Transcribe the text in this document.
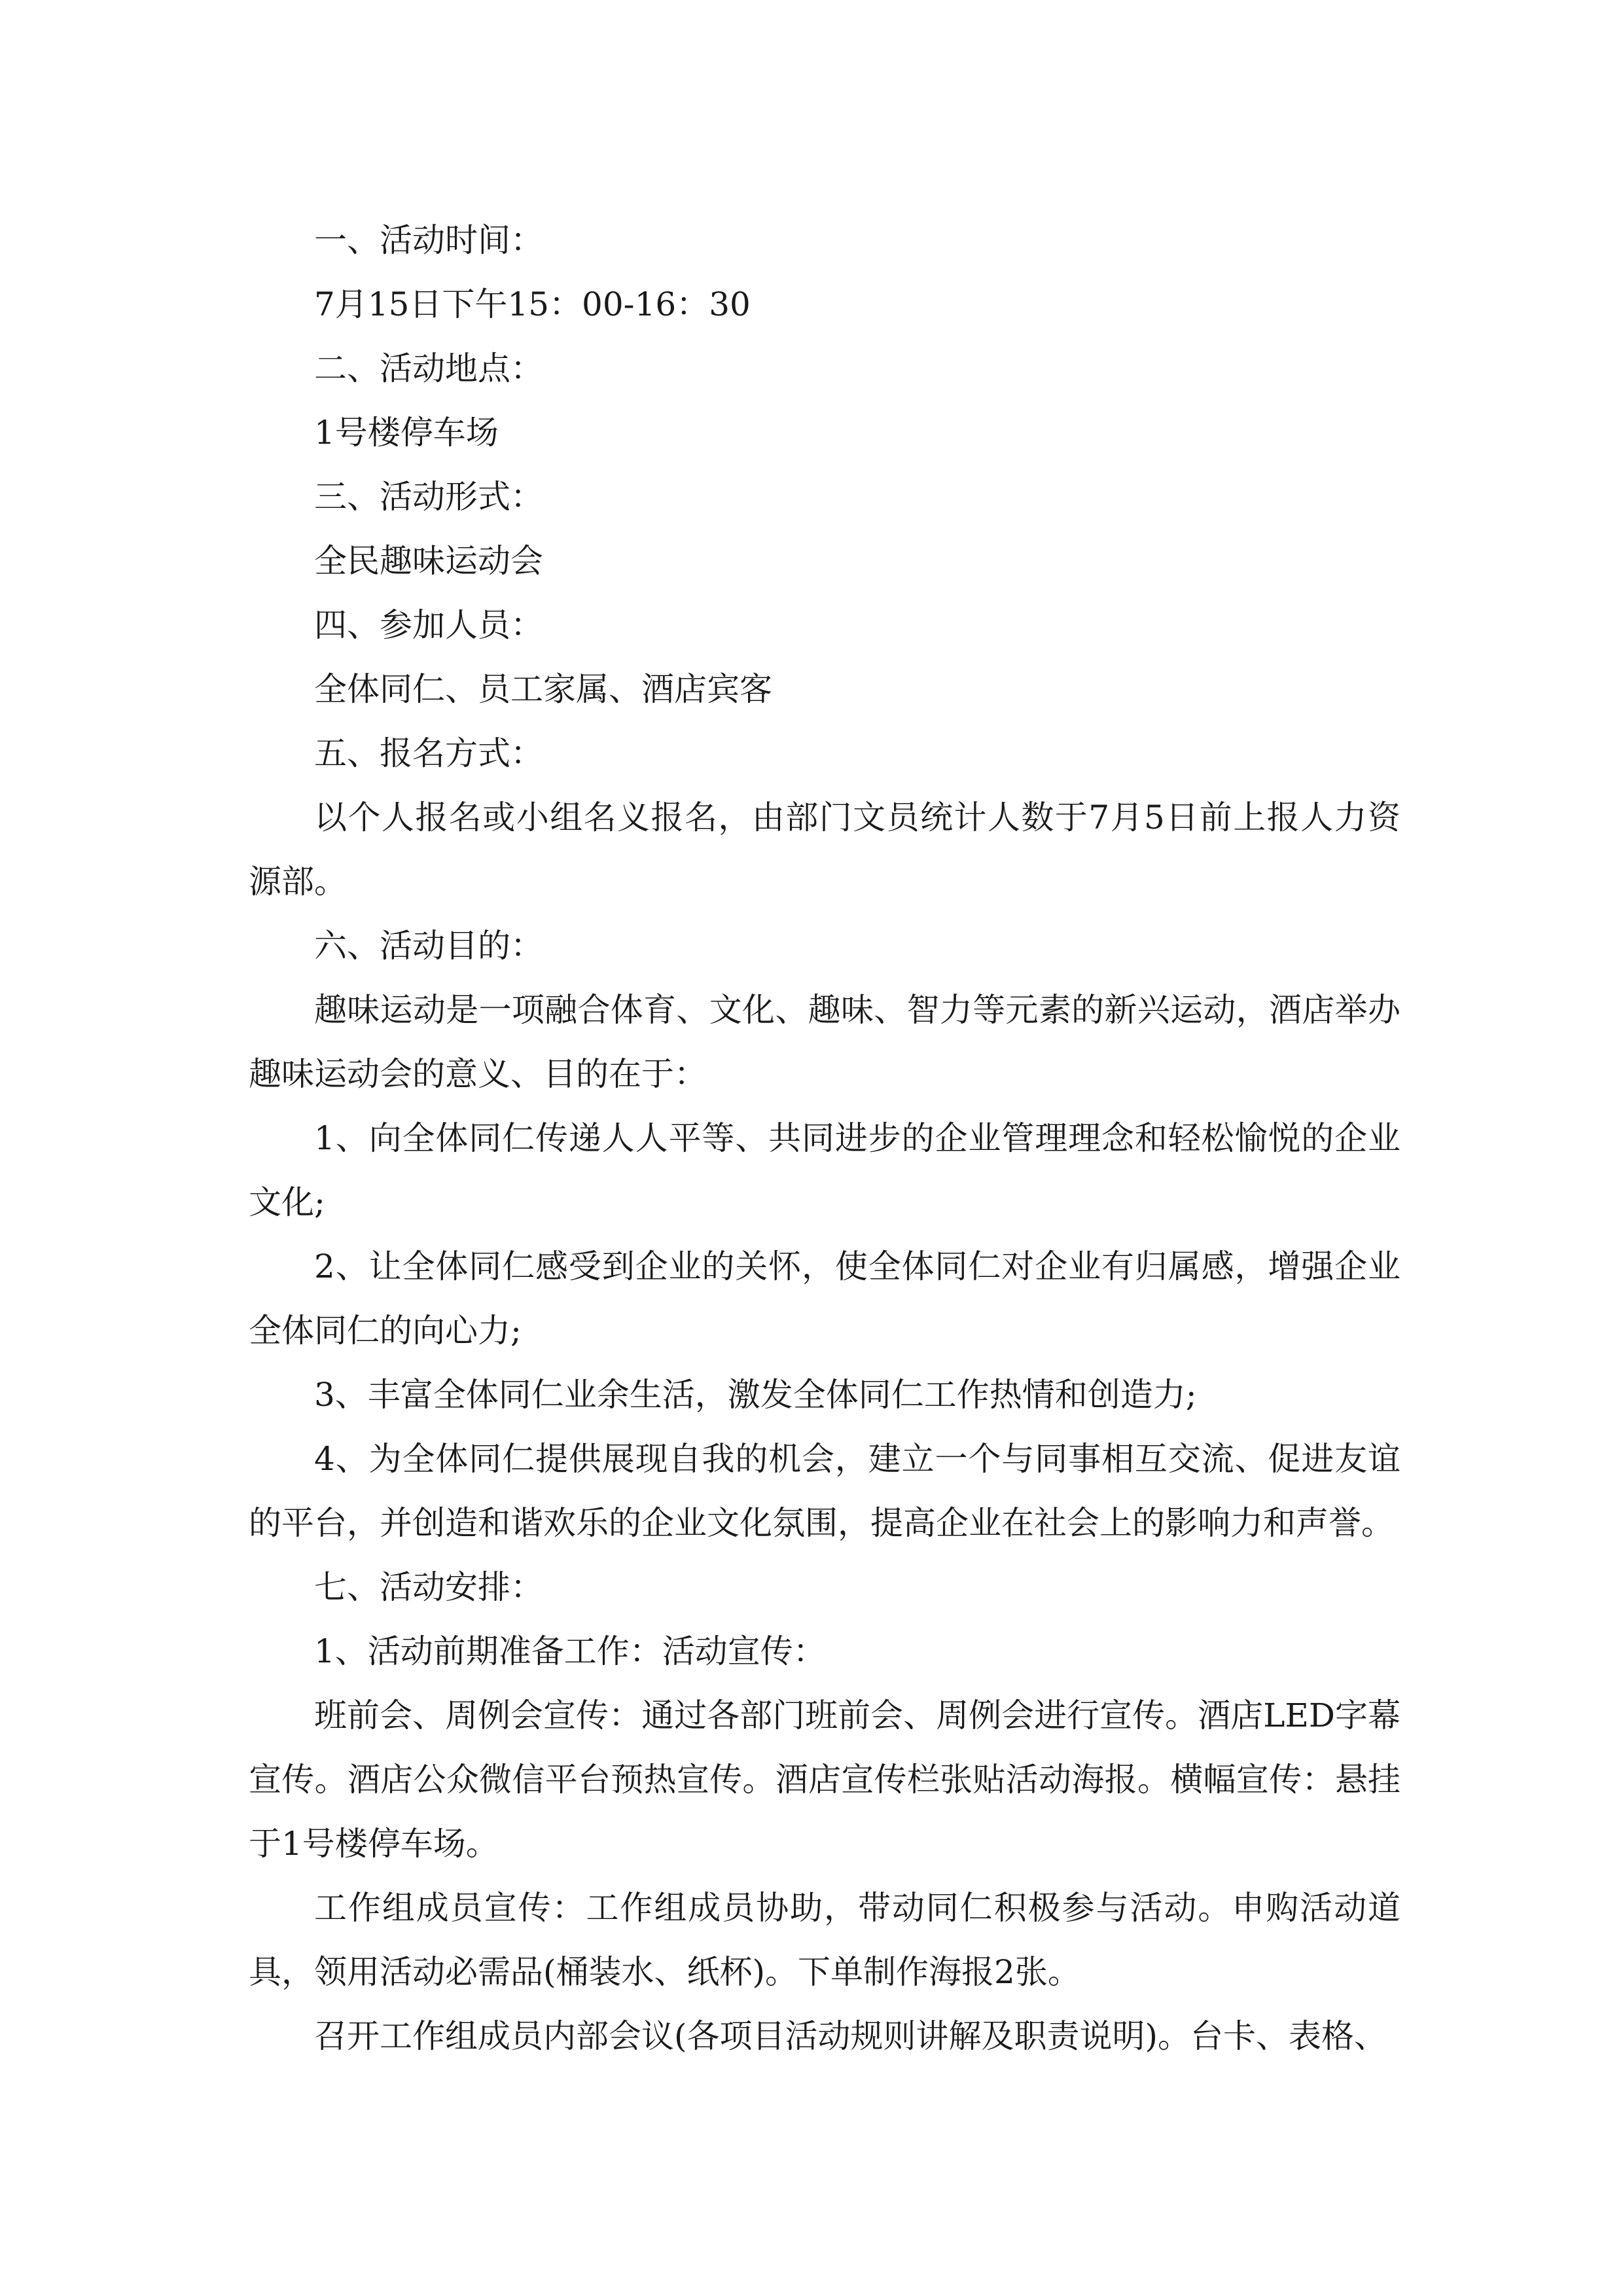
一、活动时间：

7月15日下午15：00-16：30

二、活动地点：

1号楼停车场

三、活动形式：

全民趣味运动会

四、参加人员：

全体同仁、员工家属、酒店宾客

五、报名方式：

以个人报名或小组名义报名，由部门文员统计人数于7月5日前上报人力资源部。

六、活动目的：

趣味运动是一项融合体育、文化、趣味、智力等元素的新兴运动，酒店举办趣味运动会的意义、目的在于：

1、向全体同仁传递人人平等、共同进步的企业管理理念和轻松愉悦的企业文化;

2、让全体同仁感受到企业的关怀，使全体同仁对企业有归属感，增强企业全体同仁的向心力;

3、丰富全体同仁业余生活，激发全体同仁工作热情和创造力;

4、为全体同仁提供展现自我的机会，建立一个与同事相互交流、促进友谊的平台，并创造和谐欢乐的企业文化氛围，提高企业在社会上的影响力和声誉。

七、活动安排：

1、活动前期准备工作：活动宣传：

班前会、周例会宣传：通过各部门班前会、周例会进行宣传。酒店LED字幕宣传。酒店公众微信平台预热宣传。酒店宣传栏张贴活动海报。横幅宣传：悬挂于1号楼停车场。

工作组成员宣传：工作组成员协助，带动同仁积极参与活动。申购活动道具，领用活动必需品(桶装水、纸杯)。下单制作海报2张。

召开工作组成员内部会议(各项目活动规则讲解及职责说明)。台卡、表格、
